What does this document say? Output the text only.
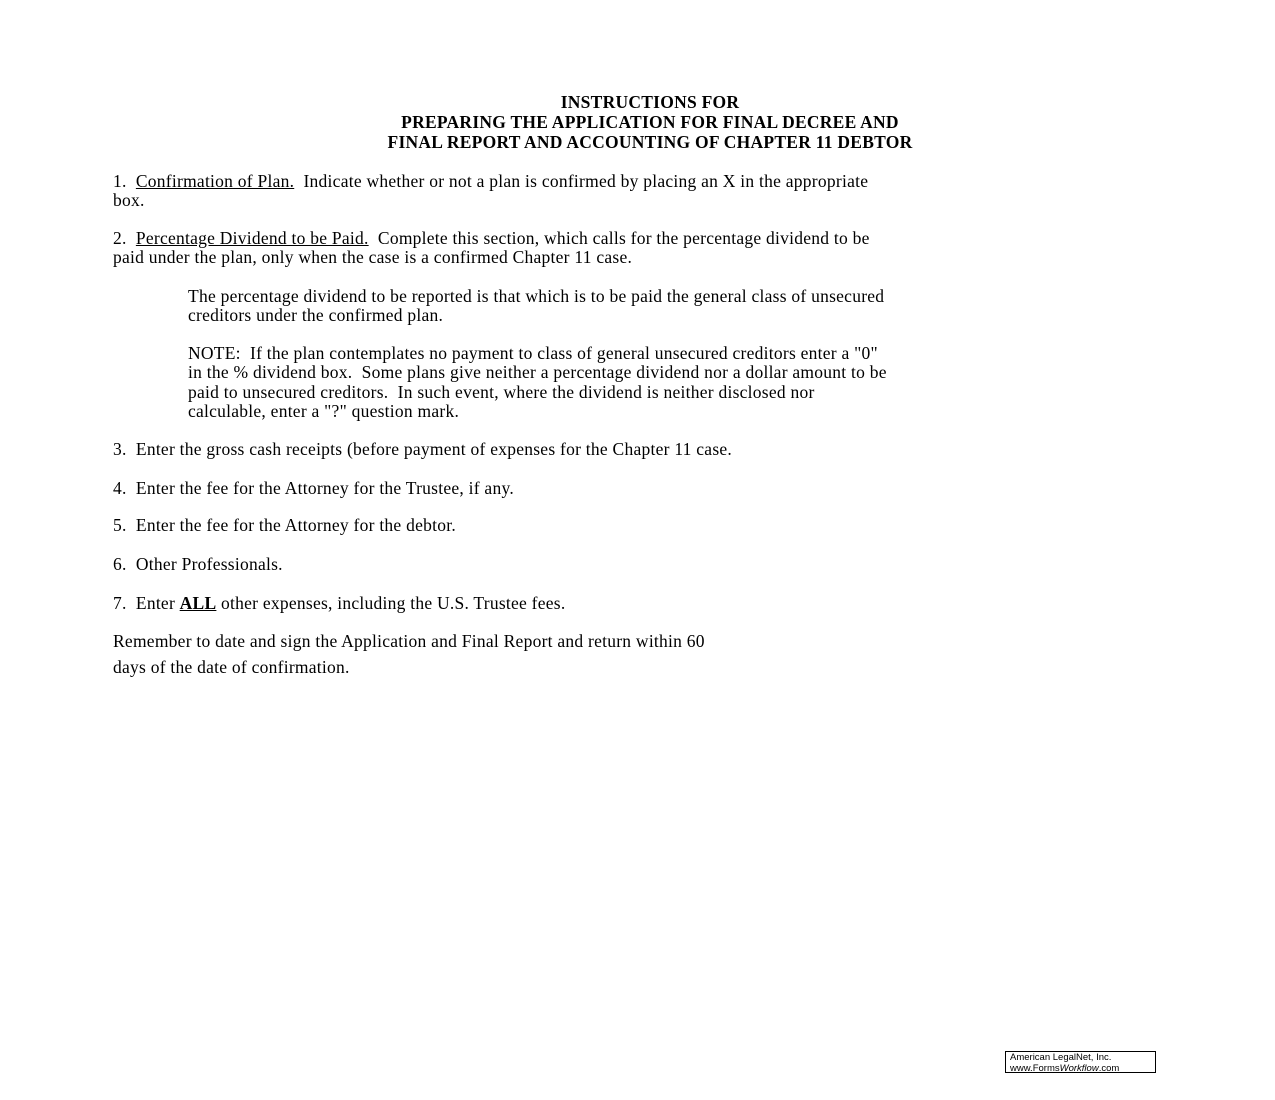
INSTRUCTIONS FOR
PREPARING THE APPLICATION FOR FINAL DECREE AND
FINAL REPORT AND ACCOUNTING OF CHAPTER 11 DEBTOR
1. Confirmation of Plan. Indicate whether or not a plan is confirmed by placing an X in the appropriate
box.
2. Percentage Dividend to be Paid. Complete this section, which calls for the percentage dividend to be
paid under the plan, only when the case is a confirmed Chapter 11 case.
The percentage dividend to be reported is that which is to be paid the general class of unsecured
creditors under the confirmed plan.
NOTE:  If the plan contemplates no payment to class of general unsecured creditors enter a "0"
in the % dividend box.  Some plans give neither a percentage dividend nor a dollar amount to be
paid to unsecured creditors.  In such event, where the dividend is neither disclosed nor
calculable, enter a "?" question mark.
3.  Enter the gross cash receipts (before payment of expenses for the Chapter 11 case.
4.  Enter the fee for the Attorney for the Trustee, if any.
5.  Enter the fee for the Attorney for the debtor.
6.  Other Professionals.
7.  Enter ALL other expenses, including the U.S. Trustee fees.
Remember to date and sign the Application and Final Report and return within 60
days of the date of confirmation.
American LegalNet, Inc.
www.FormsWorkflow.com
